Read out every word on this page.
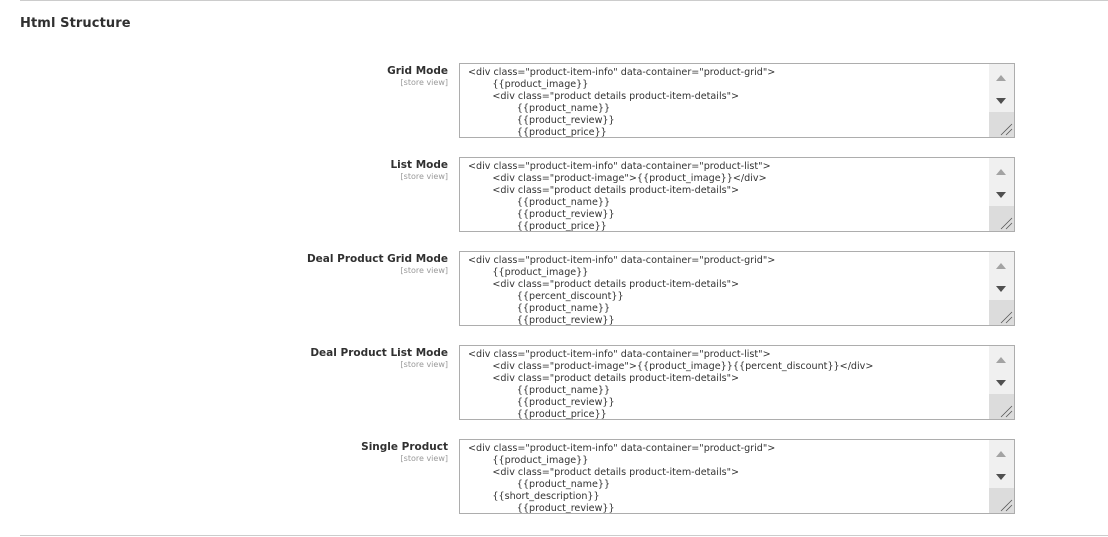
Html Structure
Grid Mode
[store view]
<div class="product-item-info" data-container="product-grid">
{{product_image}}
<div class="product details product-item-details">
{{product_name}}
{{product_review}}
{{product_price}}
List Mode
[store view]
<div class="product-item-info" data-container="product-list">
<div class="product-image">{{product_image}}</div>
<div class="product details product-item-details">
{{product_name}}
{{product_review}}
{{product_price}}
Deal Product Grid Mode
[store view]
<div class="product-item-info" data-container="product-grid">
{{product_image}}
<div class="product details product-item-details">
{{percent_discount}}
{{product_name}}
{{product_review}}
Deal Product List Mode
[store view]
<div class="product-item-info" data-container="product-list">
<div class="product-image">{{product_image}}{{percent_discount}}</div>
<div class="product details product-item-details">
{{product_name}}
{{product_review}}
{{product_price}}
Single Product
[store view]
<div class="product-item-info" data-container="product-grid">
{{product_image}}
<div class="product details product-item-details">
{{product_name}}
{{short_description}}
{{product_review}}
